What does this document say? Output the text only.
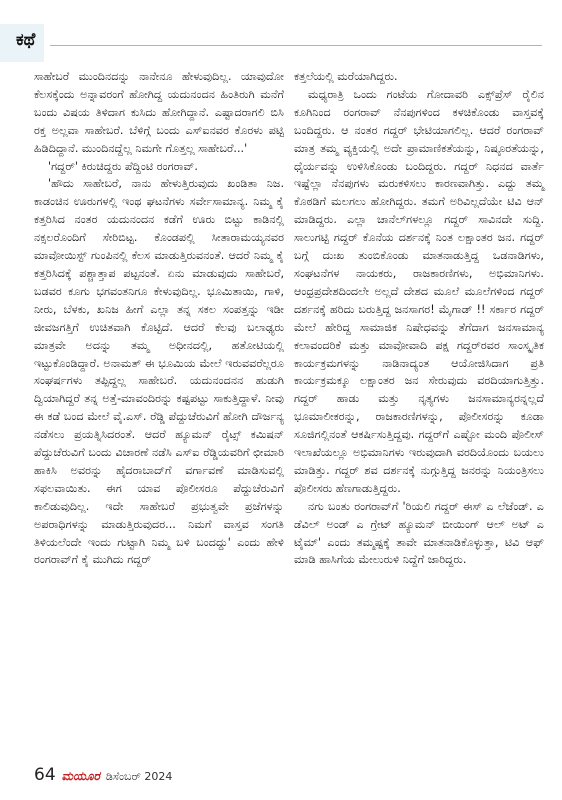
ಕಥೆ

ಸಾಹೇಬರೆ ಮುಂದಿನದನ್ನು ನಾನೇನೂ ಹೇಳುವುದಿಲ್ಲ. ಯಾವುದೋ ಕೆಲಸಕ್ಕೆಂದು ಅನ್ನಾವರಂಗೆ ಹೋಗಿದ್ದ ಯದುನಂದನ ಹಿಂತಿರುಗಿ ಮನೆಗೆ ಬಂದು ವಿಷಯ ತಿಳಿದಾಗ ಕುಸಿದು ಹೋಗಿದ್ದಾನೆ. ಎಷ್ಟಾದರಾಗಲಿ ಬಿಸಿ ರಕ್ತ ಅಲ್ಲವಾ ಸಾಹೇಬರೆ. ಬೆಳಿಗ್ಗೆ ಬಂದು ಎಸ್ಐನವರ ಕೊರಳು ಪಟ್ಟಿ ಹಿಡಿದಿದ್ದಾನೆ. ಮುಂದಿನದ್ದೆಲ್ಲ ನಿಮಗೇ ಗೊತ್ತಲ್ಲ ಸಾಹೇಬರೆ...'

'ಗದ್ದರ್' ಕಿರುಚಿದ್ದರು ಪೆದ್ದಿಂಟಿ ರಂಗರಾವ್.

'ಹೌದು ಸಾಹೇಬರೆ, ನಾನು ಹೇಳುತ್ತಿರುವುದು ಖಂಡಿತಾ ನಿಜ. ಕಾಡಂಚಿನ ಊರುಗಳಲ್ಲಿ ಇಂಥ ಘಟನೆಗಳು ಸರ್ವೇಸಾಮಾನ್ಯ. ನಿಮ್ಮ ಕೈ ಕತ್ತರಿಸಿದ ನಂತರ ಯದುನಂದನ ಕಡೆಗೆ ಊರು ಬಿಟ್ಟು ಕಾಡಿನಲ್ಲಿ ನಕ್ಸಲರೊಂದಿಗೆ ಸೇರಿಬಿಟ್ಟ. ಕೊಂಡಪಲ್ಲಿ ಸೀತಾರಾಮಯ್ಯನವರ ಮಾವೋಯಿಸ್ಟ್ ಗುಂಪಿನಲ್ಲಿ ಕೆಲಸ ಮಾಡುತ್ತಿರುವನಂತೆ. ಆದರೆ ನಿಮ್ಮ ಕೈ ಕತ್ತರಿಸಿದಕ್ಕೆ ಪಶ್ಚಾತ್ತಾಪ ಪಟ್ಟನಂತೆ. ಏನು ಮಾಡುವುದು ಸಾಹೇಬರೆ, ಬಡವರ ಕೂಗು ಭಗವಂತನಿಗೂ ಕೇಳುವುದಿಲ್ಲ. ಭೂಮಿತಾಯಿ, ಗಾಳಿ, ನೀರು, ಬೆಳಕು, ಖನಿಜ ಹೀಗೆ ಎಲ್ಲಾ ತನ್ನ ಸಕಲ ಸಂಪತ್ತನ್ನು ಇಡೀ ಜೀವಜಗತ್ತಿಗೆ ಉಚಿತವಾಗಿ ಕೊಟ್ಟಿದೆ. ಆದರೆ ಕೆಲವು ಬಲಾಢ್ಯರು ಮಾತ್ರವೇ ಅದನ್ನು ತಮ್ಮ ಅಧೀನದಲ್ಲಿ, ಹತೋಟಿಯಲ್ಲಿ ಇಟ್ಟುಕೊಂಡಿದ್ದಾರೆ. ಅನಾಮತ್ ಈ ಭೂಮಿಯ ಮೇಲೆ ಇರುವವರೆಲ್ಲರೂ ಸಂಘರ್ಷಗಳು ತಪ್ಪಿದ್ದಲ್ಲ ಸಾಹೇಬರೆ. ಯದುನಂದನನ ಹುಡುಗಿ ದ್ವಿಯಾಗಿದ್ದರೆ ತನ್ನ ಅತ್ತೆ-ಮಾವಂದಿರನ್ನು ಕಷ್ಟಪಟ್ಟು ಸಾಕುತ್ತಿದ್ದಾಳೆ. ನೀವು ಈ ಕಡೆ ಬಂದ ಮೇಲೆ ವೈ.ಎಸ್. ರೆಡ್ಡಿ ಪೆದ್ದುಚೆರುವಿಗೆ ಹೋಗಿ ದೌರ್ಜನ್ಯ ನಡೆಸಲು ಪ್ರಯತ್ನಿಸಿದರಂತೆ. ಆದರೆ ಹ್ಯೂಮನ್ ರೈಟ್ಸ್ ಕಮಿಷನ್ ಪೆದ್ದುಚೆರುವಿಗೆ ಬಂದು ವಿಚಾರಣೆ ನಡೆಸಿ ಎಸ್ಐ ರೆಡ್ಡಿಯವರಿಗೆ ಛೀಮಾರಿ ಹಾಕಿಸಿ ಅವರನ್ನು ಹೈದರಾಬಾದ್‌ಗೆ ವರ್ಗಾವಣೆ ಮಾಡಿಸುವಲ್ಲಿ ಸಫಲವಾಯಿತು. ಈಗ ಯಾವ ಪೊಲೀಸರೂ ಪೆದ್ದುಚೆರುವಿಗೆ ಕಾಲಿಡುವುದಿಲ್ಲ. ಇದೇ ಸಾಹೇಬರೆ ಪ್ರಭುತ್ವವೇ ಪ್ರಜೆಗಳನ್ನು ಅಪರಾಧಿಗಳನ್ನು ಮಾಡುತ್ತಿರುವುದರ... ನಿಮಗೆ ವಾಸ್ತವ ಸಂಗತಿ ತಿಳಿಯಲೆಂದೇ ಇಂದು ಗುಟ್ಟಾಗಿ ನಿಮ್ಮ ಬಳಿ ಬಂದದ್ದು' ಎಂದು ಹೇಳಿ ರಂಗರಾವ್‌ಗೆ ಕೈ ಮುಗಿದು ಗದ್ದರ್

ಕತ್ತಲೆಯಲ್ಲಿ ಮರೆಯಾಗಿದ್ದರು.

ಮಧ್ಯರಾತ್ರಿ ಒಂದು ಗಂಟೆಯ ಗೋದಾವರಿ ಎಕ್ಸ್‌ಪ್ರೆಸ್ ರೈಲಿನ ಕೂಗಿನಿಂದ ರಂಗರಾವ್ ನೆನಪುಗಳಿಂದ ಕಳಚಿಕೊಂಡು ವಾಸ್ತವಕ್ಕೆ ಬಂದಿದ್ದರು. ಆ ನಂತರ ಗದ್ದರ್ ಭೇಟಿಯಾಗಲಿಲ್ಲ. ಆದರೆ ರಂಗರಾವ್ ಮಾತ್ರ ತಮ್ಮ ವ್ಯಕ್ತಿಯಲ್ಲಿ ಅದೇ ಪ್ರಾಮಾಣಿಕತೆಯನ್ನು, ನಿಷ್ಠೂರತೆಯನ್ನು, ಧೈರ್ಯವನ್ನು ಉಳಿಸಿಕೊಂಡು ಬಂದಿದ್ದರು. ಗದ್ದರ್ ನಿಧನದ ವಾರ್ತೆ ಇಷ್ಟೆಲ್ಲಾ ನೆನಪುಗಳು ಮರುಕಳಿಸಲು ಕಾರಣವಾಗಿತ್ತು. ಎದ್ದು ತಮ್ಮ ಕೊಠಡಿಗೆ ಮಲಗಲು ಹೋಗಿದ್ದರು. ತಮಗೆ ಅರಿವಿಲ್ಲದೆಯೇ ಟಿವಿ ಆನ್ ಮಾಡಿದ್ದರು. ಎಲ್ಲಾ ಚಾನೆಲ್‌ಗಳಲ್ಲೂ ಗದ್ದರ್ ಸಾವಿನದೇ ಸುದ್ದಿ. ಸಾಲುಗಟ್ಟಿ ಗದ್ದರ್ ಕೊನೆಯ ದರ್ಶನಕ್ಕೆ ನಿಂತ ಲಕ್ಷಾಂತರ ಜನ. ಗದ್ದರ್ ಬಗ್ಗೆ ದುಃಖ ತುಂಬಿಕೊಂಡು ಮಾತನಾಡುತ್ತಿದ್ದ ಒಡನಾಡಿಗಳು, ಸಂಘಟನೆಗಳ ನಾಯಕರು, ರಾಜಕಾರಣಿಗಳು, ಅಭಿಮಾನಿಗಳು. ಆಂಧ್ರಪ್ರದೇಶದಿಂದಲೇ ಅಲ್ಲದೆ ದೇಶದ ಮೂಲೆ ಮೂಲೆಗಳಿಂದ ಗದ್ದರ್ ದರ್ಶನಕ್ಕೆ ಹರಿದು ಬರುತ್ತಿದ್ದ ಜನಸಾಗರ! ಮೈಗಾಡ್ !! ಸರ್ಕಾರ ಗದ್ದರ್ ಮೇಲೆ ಹೇರಿದ್ದ ಸಾಮಾಜಿಕ ನಿಷೇಧವನ್ನು ತೆಗೆದಾಗ ಜನಸಾಮಾನ್ಯ ಕಲಾವಂದರಿಕೆ ಮತ್ತು ಮಾವೋವಾದಿ ಪಕ್ಷ ಗದ್ದರ್‌ರವರ ಸಾಂಸ್ಕೃತಿಕ ಕಾರ್ಯಕ್ರಮಗಳನ್ನು ನಾಡಿನಾದ್ಯಂತ ಆಯೋಜಿಸಿದಾಗ ಪ್ರತಿ ಕಾರ್ಯಕ್ರಮಕ್ಕೂ ಲಕ್ಷಾಂತರ ಜನ ಸೇರುವುದು ವರದಿಯಾಗುತ್ತಿತ್ತು. ಗದ್ದರ್ ಹಾಡು ಮತ್ತು ನೃತ್ಯಗಳು ಜನಸಾಮಾನ್ಯರನ್ನಲ್ಲದೆ ಭೂಮಾಲೀಕರನ್ನು, ರಾಜಕಾರಣಿಗಳನ್ನು, ಪೊಲೀಸರನ್ನು ಕೂಡಾ ಸೂಜಿಗಲ್ಲಿನಂತೆ ಆಕರ್ಷಿಸುತ್ತಿದ್ದವು. ಗದ್ದರ್‌ಗೆ ಎಷ್ಟೋ ಮಂದಿ ಪೊಲೀಸ್ ಇಲಾಖೆಯಲ್ಲೂ ಅಭಿಮಾನಿಗಳು ಇರುವುದಾಗಿ ವರದಿಯೊಂದು ಬಯಲು ಮಾಡಿತ್ತು. ಗದ್ದರ್ ಶವ ದರ್ಶನಕ್ಕೆ ನುಗ್ಗುತ್ತಿದ್ದ ಜನರನ್ನು ನಿಯಂತ್ರಿಸಲು ಪೊಲೀಸರು ಹೆಣಗಾಡುತ್ತಿದ್ದರು.

ನಗು ಬಂತು ರಂಗರಾವ್‌ಗೆ 'ರಿಯಲಿ ಗದ್ದರ್ ಈಸ್ ಎ ಲೆಜೆಂಡ್. ಎ ಡೆವಿಲ್ ಅಂಡ್ ಎ ಗ್ರೇಟ್ ಹ್ಯೂಮನ್ ಬೀಯಿಂಗ್ ಆಲ್ ಅಟ್ ಎ ಟೈಮ್' ಎಂದು ತಮ್ಮಷ್ಟಕ್ಕೆ ತಾವೇ ಮಾತನಾಡಿಕೊಳ್ಳುತ್ತಾ, ಟಿವಿ ಆಫ್ ಮಾಡಿ ಹಾಸಿಗೆಯ ಮೇಲುರುಳಿ ನಿದ್ದೆಗೆ ಜಾರಿದ್ದರು.

64 ಮಯೂರ ಡಿಸೆಂಬರ್ 2024
